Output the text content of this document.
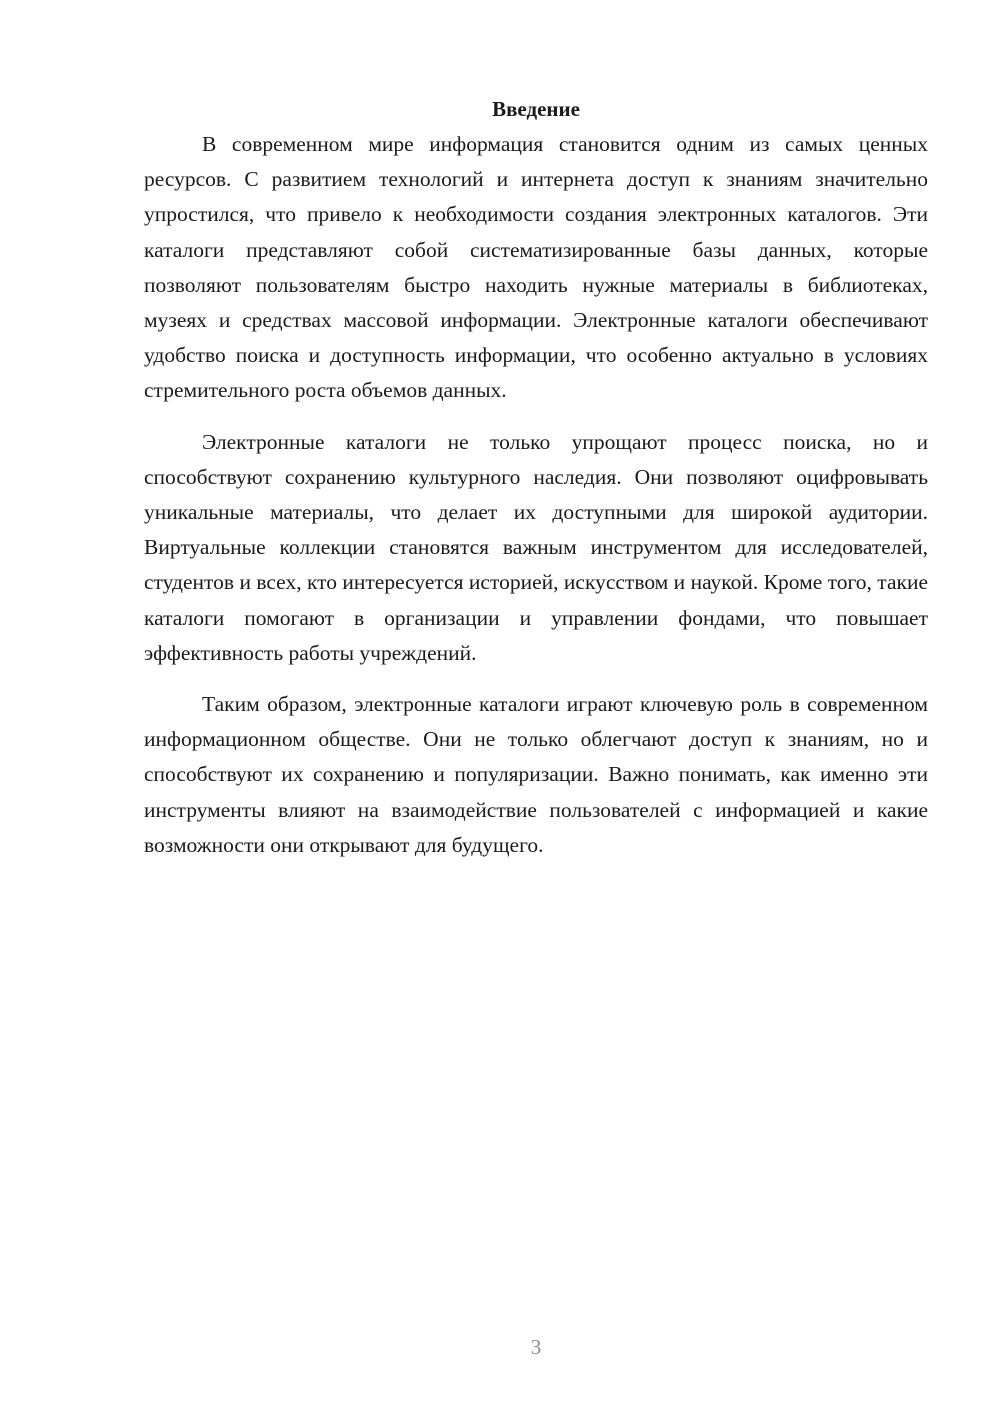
Введение

В современном мире информация становится одним из самых ценных ресурсов. С развитием технологий и интернета доступ к знаниям значительно упростился, что привело к необходимости создания электронных каталогов. Эти каталоги представляют собой систематизированные базы данных, которые позволяют пользователям быстро находить нужные материалы в библиотеках, музеях и средствах массовой информации. Электронные каталоги обеспечивают удобство поиска и доступность информации, что особенно актуально в условиях стремительного роста объемов данных.

Электронные каталоги не только упрощают процесс поиска, но и способствуют сохранению культурного наследия. Они позволяют оцифровывать уникальные материалы, что делает их доступными для широкой аудитории. Виртуальные коллекции становятся важным инструментом для исследователей, студентов и всех, кто интересуется историей, искусством и наукой. Кроме того, такие каталоги помогают в организации и управлении фондами, что повышает эффективность работы учреждений.

Таким образом, электронные каталоги играют ключевую роль в современном информационном обществе. Они не только облегчают доступ к знаниям, но и способствуют их сохранению и популяризации. Важно понимать, как именно эти инструменты влияют на взаимодействие пользователей с информацией и какие возможности они открывают для будущего.

3
